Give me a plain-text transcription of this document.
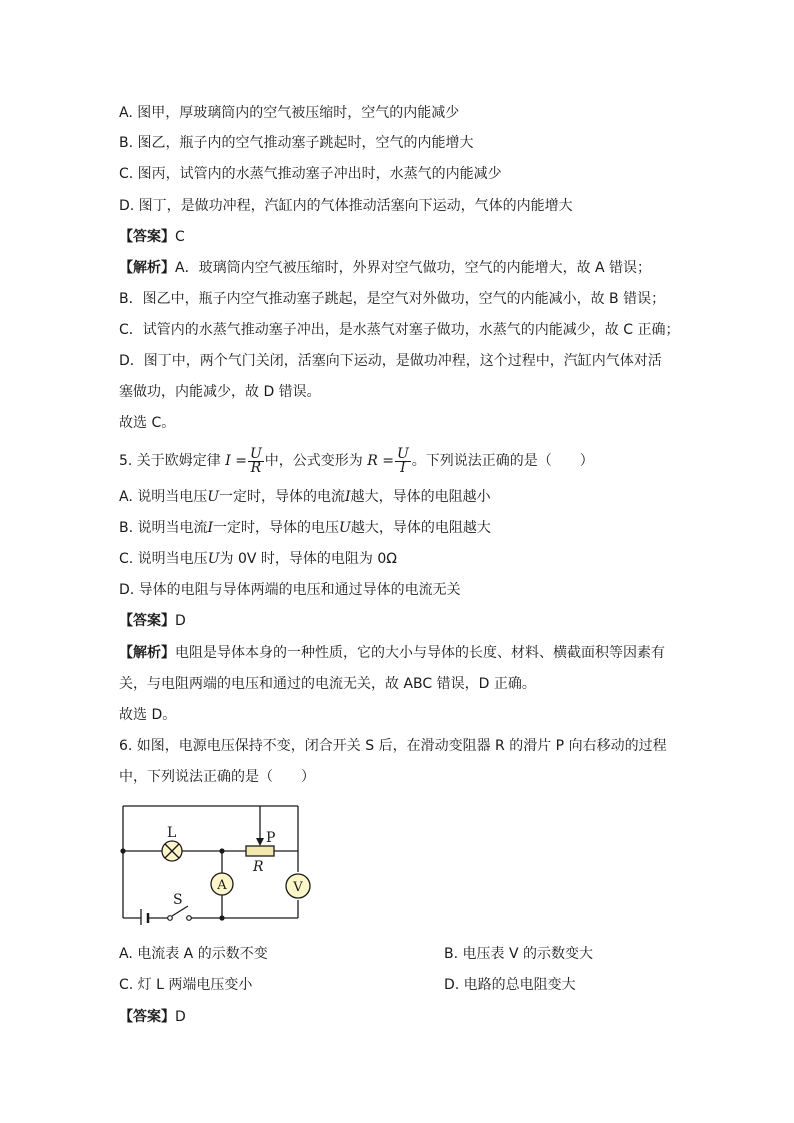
A. 图甲，厚玻璃筒内的空气被压缩时，空气的内能减少
B. 图乙，瓶子内的空气推动塞子跳起时，空气的内能增大
C. 图丙，试管内的水蒸气推动塞子冲出时，水蒸气的内能减少
D. 图丁，是做功冲程，汽缸内的气体推动活塞向下运动，气体的内能增大
【答案】C
【解析】A．玻璃筒内空气被压缩时，外界对空气做功，空气的内能增大，故 A 错误；
B．图乙中，瓶子内空气推动塞子跳起，是空气对外做功，空气的内能减小，故 B 错误；
C．试管内的水蒸气推动塞子冲出，是水蒸气对塞子做功，水蒸气的内能减少，故 C 正确；
D．图丁中，两个气门关闭，活塞向下运动，是做功冲程，这个过程中，汽缸内气体对活
塞做功，内能减少，故 D 错误。
故选 C。
5. 关于欧姆定律 $I = \frac{U}{R}$ 中，公式变形为 $R = \frac{U}{I}$ 。下列说法正确的是（　　）
A. 说明当电压U一定时，导体的电流I越大，导体的电阻越小
B. 说明当电流I一定时，导体的电压U越大，导体的电阻越大
C. 说明当电压U为 0V 时，导体的电阻为 0Ω
D. 导体的电阻与导体两端的电压和通过导体的电流无关
【答案】D
【解析】电阻是导体本身的一种性质，它的大小与导体的长度、材料、横截面积等因素有
关，与电阻两端的电压和通过的电流无关，故 ABC 错误，D 正确。
故选 D。
6. 如图，电源电压保持不变，闭合开关 S 后，在滑动变阻器 R 的滑片 P 向右移动的过程
中，下列说法正确的是（　　）
L	P
R
A	V
S
A. 电流表 A 的示数不变	B. 电压表 V 的示数变大
C. 灯 L 两端电压变小	D. 电路的总电阻变大
【答案】D
